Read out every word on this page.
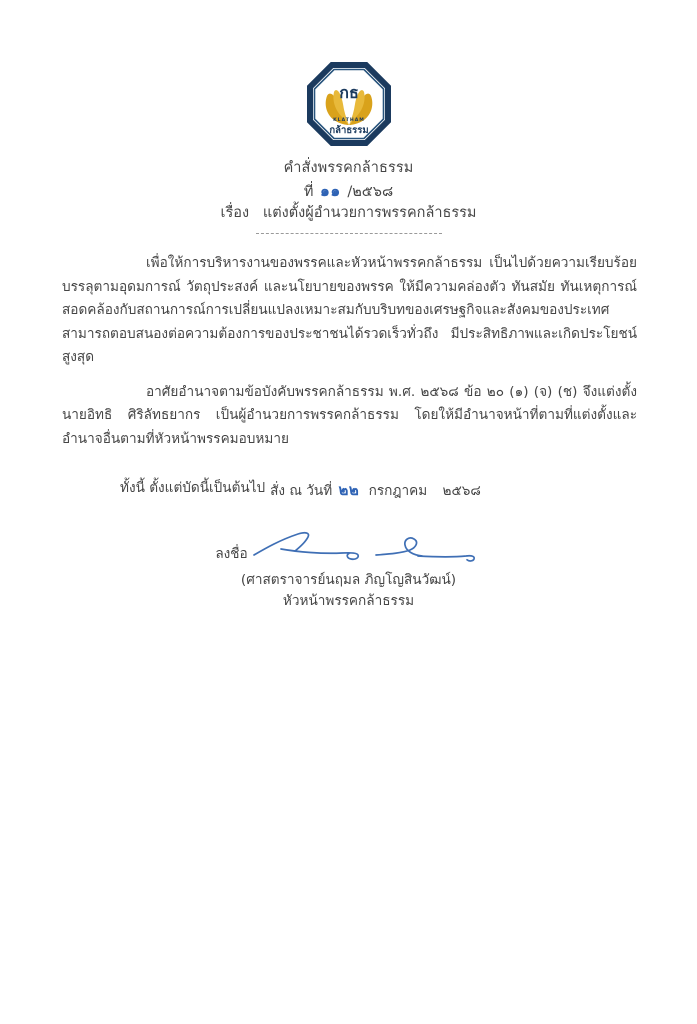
กธ
KLATHAM
กล้าธรรม
คำสั่งพรรคกล้าธรรม
ที่ ๑๑ /๒๕๖๘
เรื่อง แต่งตั้งผู้อำนวยการพรรคกล้าธรรม

เพื่อให้การบริหารงานของพรรคและหัวหน้าพรรคกล้าธรรม เป็นไปด้วยความเรียบร้อยบรรลุตามอุดมการณ์ วัตถุประสงค์ และนโยบายของพรรค ให้มีความคล่องตัว ทันสมัย ทันเหตุการณ์ สอดคล้องกับสถานการณ์การเปลี่ยนแปลงเหมาะสมกับบริบทของเศรษฐกิจและสังคมของประเทศ สามารถตอบสนองต่อความต้องการของประชาชนได้รวดเร็วทั่วถึง มีประสิทธิภาพและเกิดประโยชน์สูงสุด

อาศัยอำนาจตามข้อบังคับพรรคกล้าธรรม พ.ศ. ๒๕๖๘ ข้อ ๒๐ (๑) (จ) (ช) จึงแต่งตั้ง นายอิทธิ ศิริลัทธยากร เป็นผู้อำนวยการพรรคกล้าธรรม โดยให้มีอำนาจหน้าที่ตามที่แต่งตั้งและอำนาจอื่นตามที่หัวหน้าพรรคมอบหมาย

ทั้งนี้ ตั้งแต่บัดนี้เป็นต้นไป สั่ง ณ วันที่ ๒๒ กรกฎาคม ๒๕๖๘
ลงชื่อ
(ศาสตราจารย์นฤมล ภิญโญสินวัฒน์)
หัวหน้าพรรคกล้าธรรม
